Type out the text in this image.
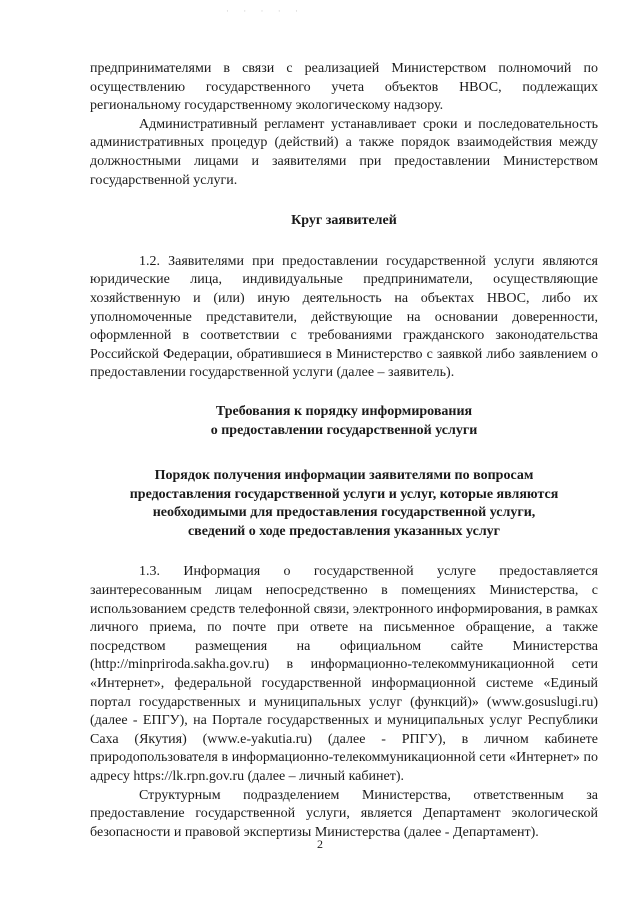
· · · · ·

предпринимателями в связи с реализацией Министерством полномочий по осуществлению государственного учета объектов НВОС, подлежащих региональному государственному экологическому надзору.

Административный регламент устанавливает сроки и последовательность административных процедур (действий) а также порядок взаимодействия между должностными лицами и заявителями при предоставлении Министерством государственной услуги.

Круг заявителей

1.2. Заявителями при предоставлении государственной услуги являются юридические лица, индивидуальные предприниматели, осуществляющие хозяйственную и (или) иную деятельность на объектах НВОС, либо их уполномоченные представители, действующие на основании доверенности, оформленной в соответствии с требованиями гражданского законодательства Российской Федерации, обратившиеся в Министерство с заявкой либо заявлением о предоставлении государственной услуги (далее – заявитель).

Требования к порядку информирования
о предоставлении государственной услуги
Порядок получения информации заявителями по вопросам
предоставления государственной услуги и услуг, которые являются
необходимыми для предоставления государственной услуги,
сведений о ходе предоставления указанных услуг

1.3. Информация о государственной услуге предоставляется заинтересованным лицам непосредственно в помещениях Министерства, с использованием средств телефонной связи, электронного информирования, в рамках личного приема, по почте при ответе на письменное обращение, а также посредством размещения на официальном сайте Министерства (http://minpriroda.sakha.gov.ru) в информационно-телекоммуникационной сети «Интернет», федеральной государственной информационной системе «Единый портал государственных и муниципальных услуг (функций)» (www.gosuslugi.ru) (далее - ЕПГУ), на Портале государственных и муниципальных услуг Республики Саха (Якутия) (www.e-yakutia.ru) (далее - РПГУ), в личном кабинете природопользователя в информационно-телекоммуникационной сети «Интернет» по адресу https://lk.rpn.gov.ru (далее – личный кабинет).

Структурным подразделением Министерства, ответственным за предоставление государственной услуги, является Департамент экологической безопасности и правовой экспертизы Министерства (далее - Департамент).

2
